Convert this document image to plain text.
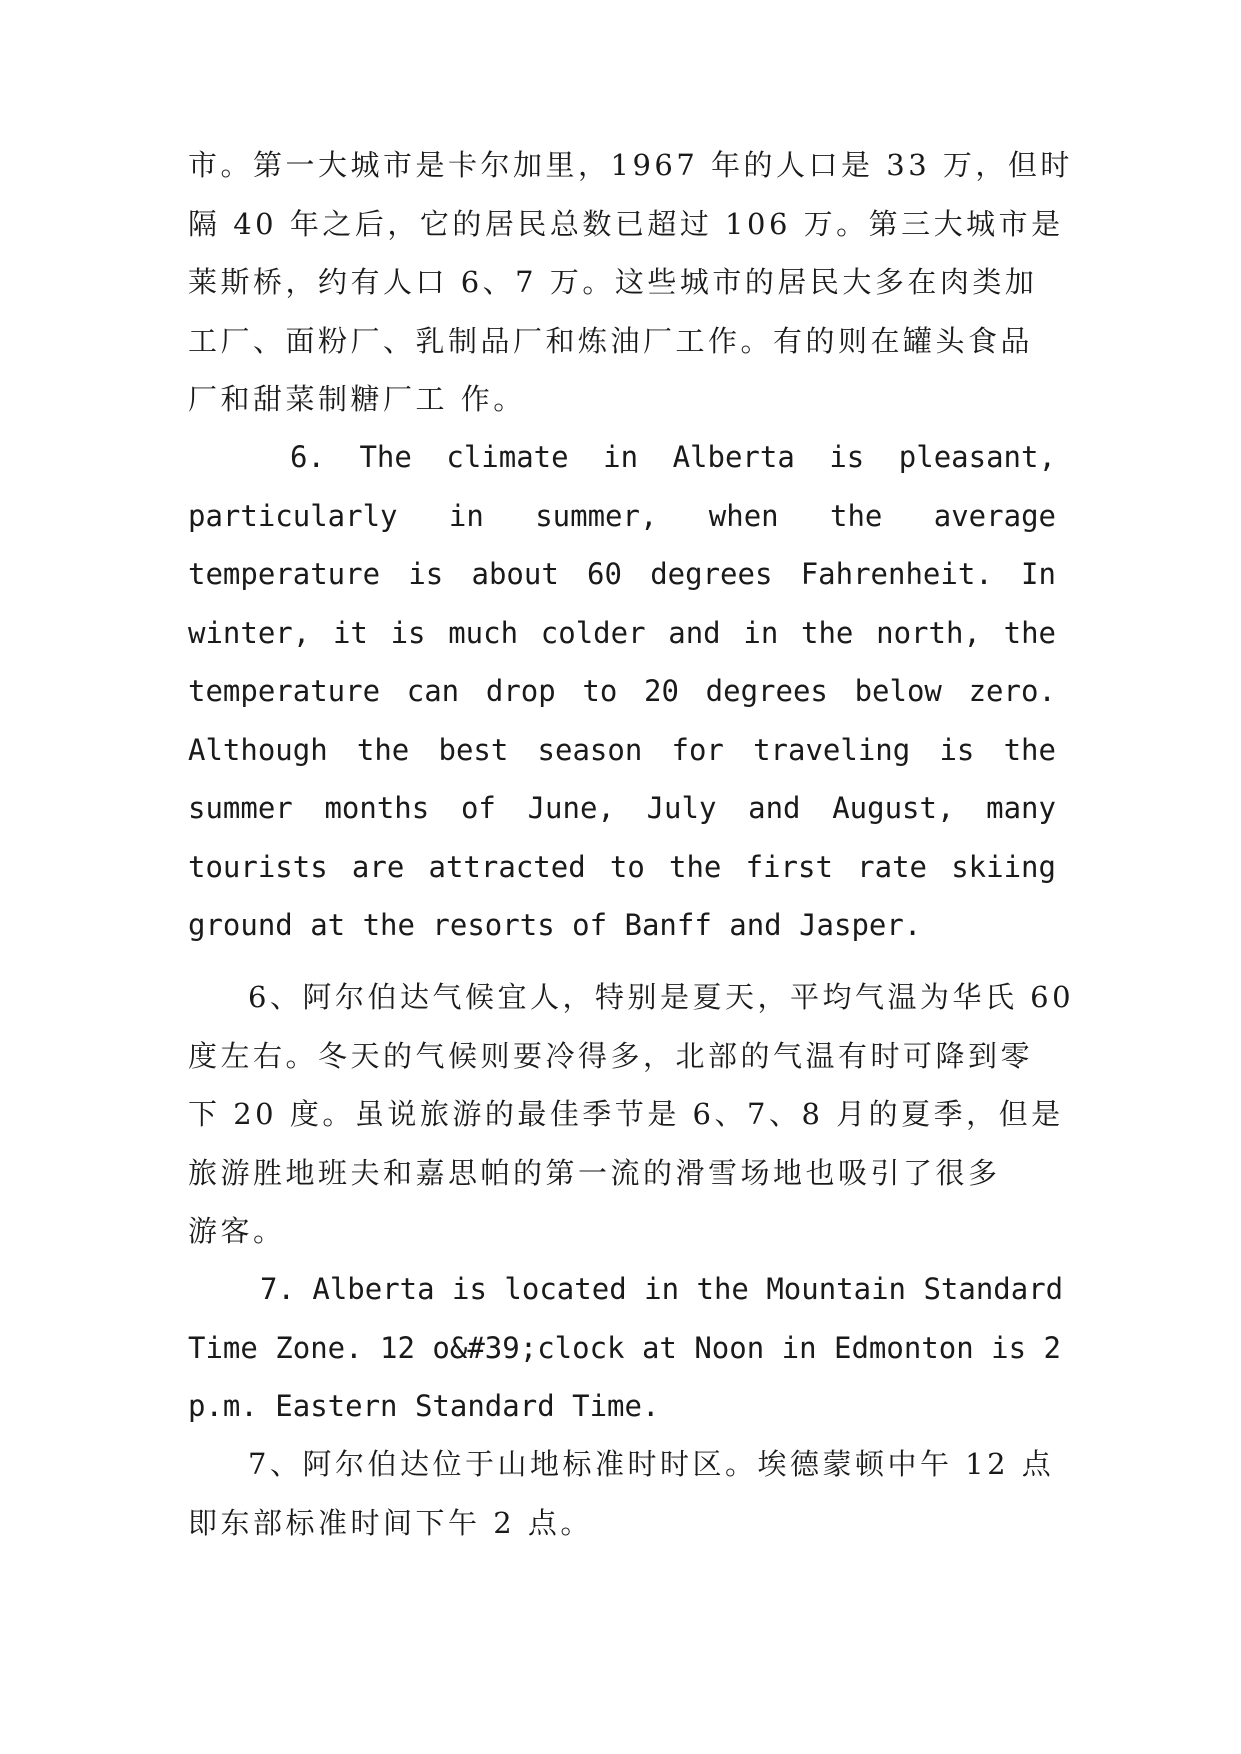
市。第一大城市是卡尔加里，1967 年的人口是 33 万，但时
隔 40 年之后，它的居民总数已超过 106 万。第三大城市是
莱斯桥，约有人口 6、7 万。这些城市的居民大多在肉类加
工厂、面粉厂、乳制品厂和炼油厂工作。有的则在罐头食品
厂和甜菜制糖厂工 作。
6. The climate in Alberta is pleasant,
particularly in summer, when the average
temperature is about 60 degrees Fahrenheit. In
winter, it is much colder and in the north, the
temperature can drop to 20 degrees below zero.
Although the best season for traveling is the
summer months of June, July and August, many
tourists are attracted to the first rate skiing
ground at the resorts of Banff and Jasper.
6、阿尔伯达气候宜人，特别是夏天，平均气温为华氏 60
度左右。冬天的气候则要冷得多，北部的气温有时可降到零
下 20 度。虽说旅游的最佳季节是 6、7、8 月的夏季，但是
旅游胜地班夫和嘉思帕的第一流的滑雪场地也吸引了很多
游客。
7. Alberta is located in the Mountain Standard
Time Zone. 12 o&#39;clock at Noon in Edmonton is 2
p.m. Eastern Standard Time.
7、阿尔伯达位于山地标准时时区。埃德蒙顿中午 12 点
即东部标准时间下午 2 点。
